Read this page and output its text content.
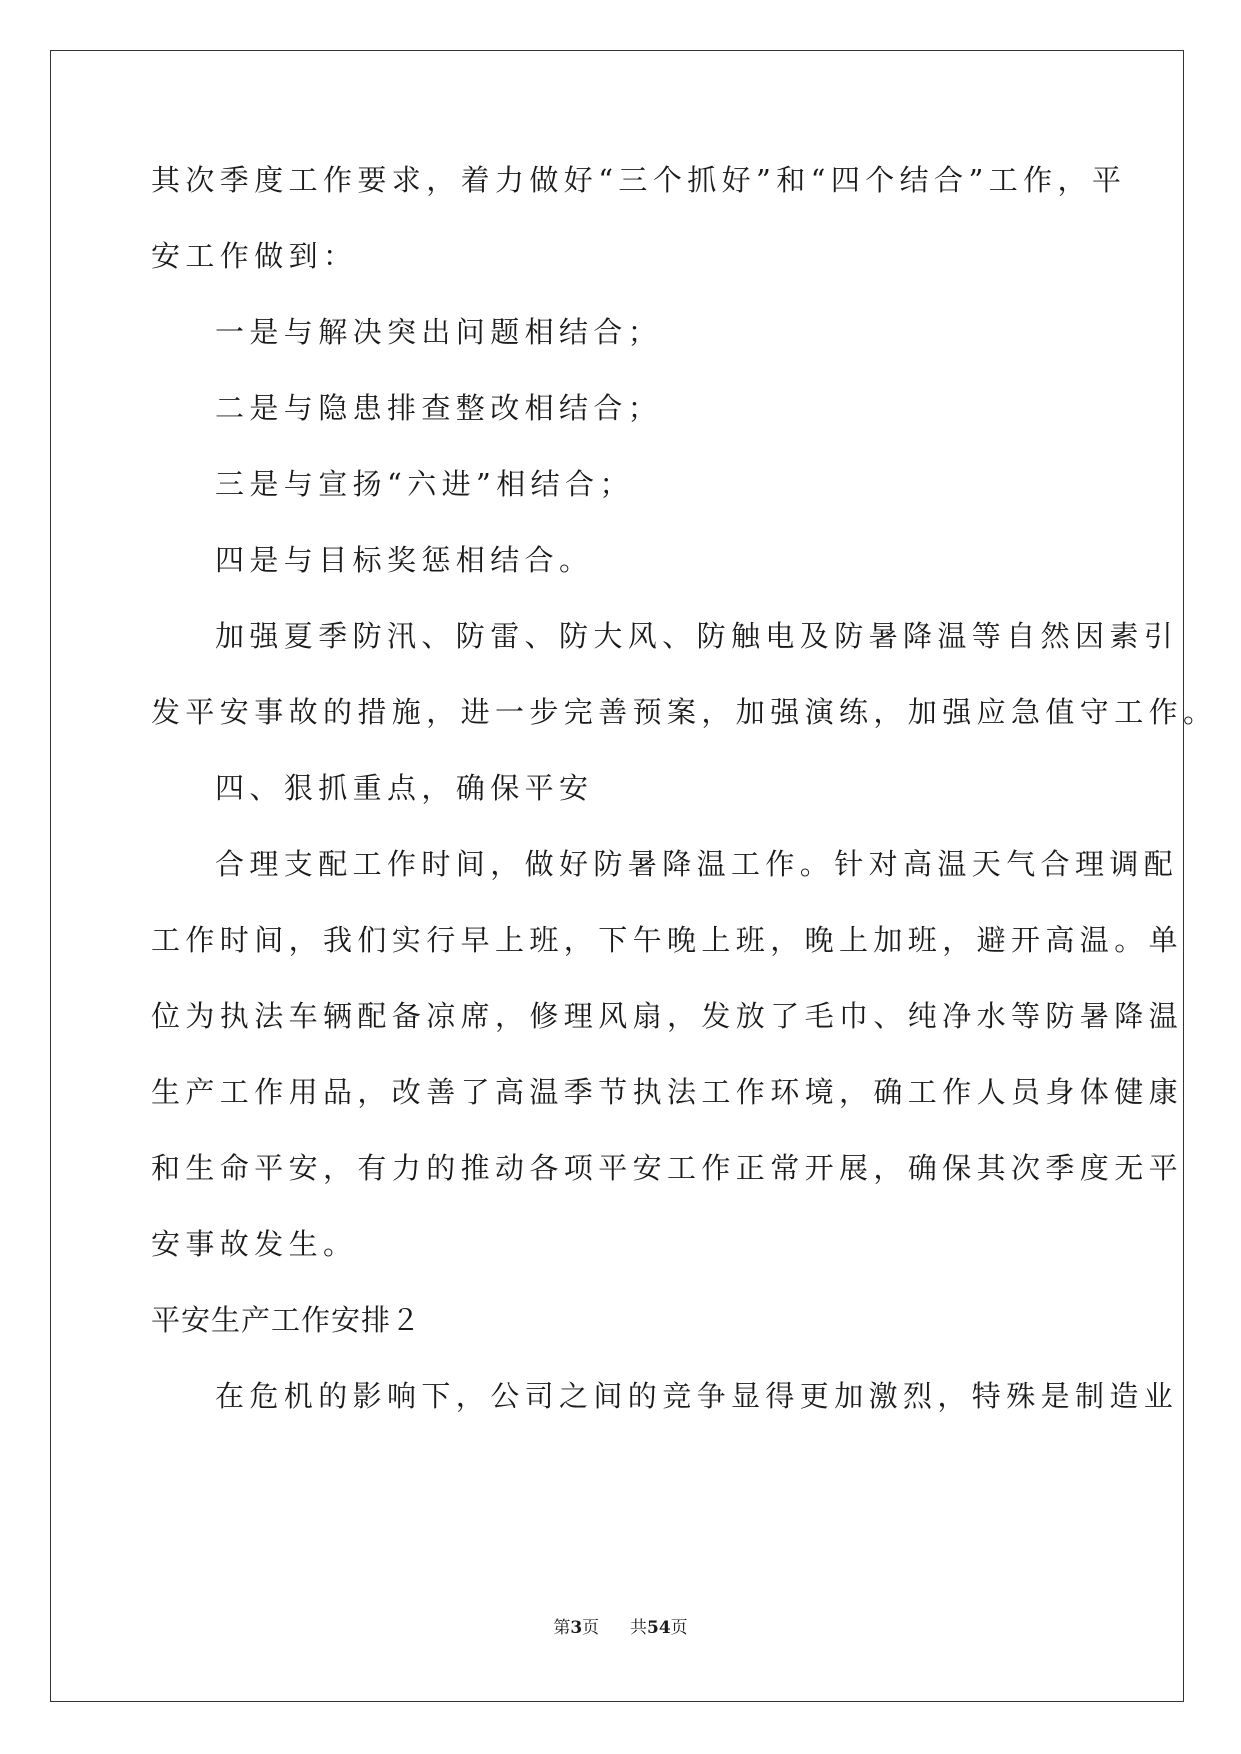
其次季度工作要求，着力做好“三个抓好”和“四个结合”工作，平
安工作做到：
一是与解决突出问题相结合；
二是与隐患排查整改相结合；
三是与宣扬“六进”相结合；
四是与目标奖惩相结合。
加强夏季防汛、防雷、防大风、防触电及防暑降温等自然因素引
发平安事故的措施，进一步完善预案，加强演练，加强应急值守工作。
四、狠抓重点，确保平安
合理支配工作时间，做好防暑降温工作。针对高温天气合理调配
工作时间，我们实行早上班，下午晚上班，晚上加班，避开高温。单
位为执法车辆配备凉席，修理风扇，发放了毛巾、纯净水等防暑降温
生产工作用品，改善了高温季节执法工作环境，确工作人员身体健康
和生命平安，有力的推动各项平安工作正常开展，确保其次季度无平
安事故发生。
平安生产工作安排２
在危机的影响下，公司之间的竞争显得更加激烈，特殊是制造业
第3页 共54页
